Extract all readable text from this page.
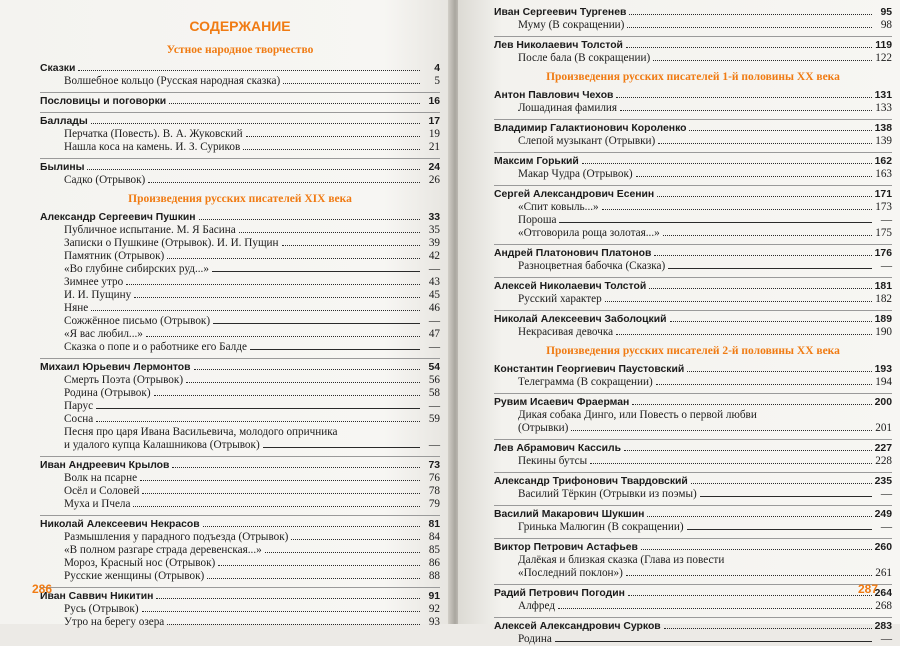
СОДЕРЖАНИЕ
Устное народное творчество
Сказки	4
Волшебное кольцо (Русская народная сказка)	5
Пословицы и поговорки	16
Баллады	17
Перчатка (Повесть). В. А. Жуковский	19
Нашла коса на камень. И. З. Суриков	21
Былины	24
Садко (Отрывок)	26
Произведения русских писателей XIX века
Александр Сергеевич Пушкин	33
Публичное испытание. М. Я Басина	35
Записки о Пушкине (Отрывок). И. И. Пущин	39
Памятник (Отрывок)	42
«Во глубине сибирских руд...»	—
Зимнее утро	43
И. И. Пущину	45
Няне	46
Сожжённое письмо (Отрывок)	—
«Я вас любил...»	47
Сказка о попе и о работнике его Балде	—
Михаил Юрьевич Лермонтов	54
Смерть Поэта (Отрывок)	56
Родина (Отрывок)	58
Парус	—
Сосна	59
Песня про царя Ивана Васильевича, молодого опричника
и удалого купца Калашникова (Отрывок)	—
Иван Андреевич Крылов	73
Волк на псарне	76
Осёл и Соловей	78
Муха и Пчела	79
Николай Алексеевич Некрасов	81
Размышления у парадного подъезда (Отрывок)	84
«В полном разгаре страда деревенская...»	85
Мороз, Красный нос (Отрывок)	86
Русские женщины (Отрывок)	88
Иван Саввич Никитин	91
Русь (Отрывок)	92
Утро на берегу озера	93
286
Иван Сергеевич Тургенев	95
Муму (В сокращении)	98
Лев Николаевич Толстой	119
После бала (В сокращении)	122
Произведения русских писателей 1-й половины XX века
Антон Павлович Чехов	131
Лошадиная фамилия	133
Владимир Галактионович Короленко	138
Слепой музыкант (Отрывки)	139
Максим Горький	162
Макар Чудра (Отрывок)	163
Сергей Александрович Есенин	171
«Спит ковыль...»	173
Пороша	—
«Отговорила роща золотая...»	175
Андрей Платонович Платонов	176
Разноцветная бабочка (Сказка)	—
Алексей Николаевич Толстой	181
Русский характер	182
Николай Алексеевич Заболоцкий	189
Некрасивая девочка	190
Произведения русских писателей 2-й половины XX века
Константин Георгиевич Паустовский	193
Телеграмма (В сокращении)	194
Рувим Исаевич Фраерман	200
Дикая собака Динго, или Повесть о первой любви
(Отрывки)	201
Лев Абрамович Кассиль	227
Пекины бутсы	228
Александр Трифонович Твардовский	235
Василий Тёркин (Отрывки из поэмы)	—
Василий Макарович Шукшин	249
Гринька Малюгин (В сокращении)	—
Виктор Петрович Астафьев	260
Далёкая и близкая сказка (Глава из повести
«Последний поклон»)	261
Радий Петрович Погодин	264
Алфред	268
Алексей Александрович Сурков	283
Родина	—
287
